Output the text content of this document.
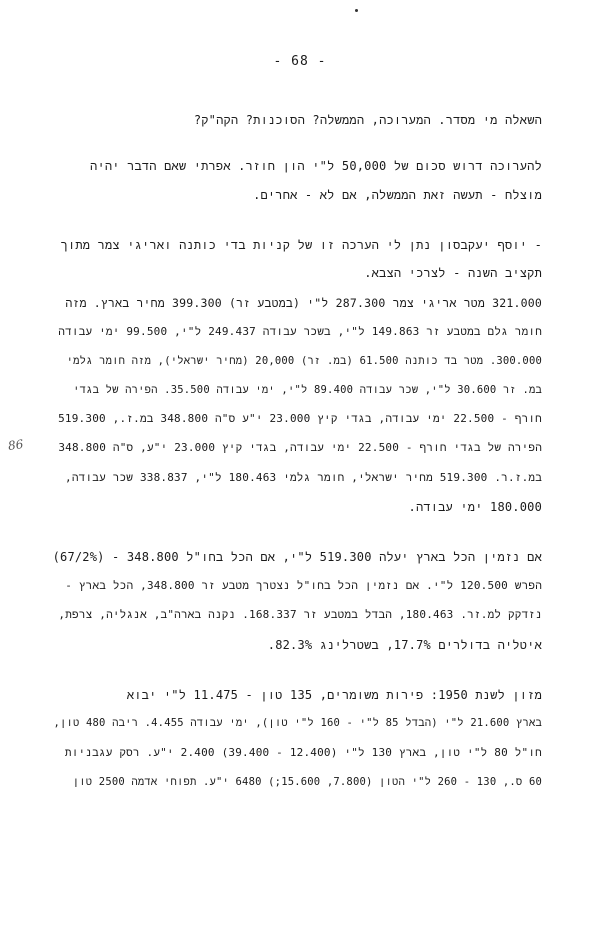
- 68 -
השאלה מי מסדר. המערוכה, הממשלה? הסוכנות? הקה"ק?
להערוכה דרוש סכום של 50,000 ל"י הון חוזר. אפרתי שאם הדבר יהיה
מוצלח - תעשה זאת הממשלה, אם לא - אחרים.
- יוסף יעקבסון נתן לי הערכה זו של קניות בדי כותנה ואריגי צמר מתוך
תקציב השנה - לצרכי הצבא.
321.000 מטר אריגי צמר 287.300 ל"י (במטבע זר) 399.300 מחיר בארץ. מזה
חומר גלם במטבע זר 149.863 ל"י, בשכר עבודה 249.437 ל"י, 99.500 ימי עבודה
300.000. מטר בד כותנה 61.500 (במ. זר) 20,000 (מחיר ישראלי), מזה חומר גלמי
במ. זר 30.600 ל"י, שכר עבודה 89.400 ל"י, ימי עבודה 35.500. הפירה של בגדי
חורף - 22.500 ימי עבודה, בגדי קיץ 23.000 י"ע ס"ה 348.800 במ.ז., 519.300
הפירה של בגדי חורף - 22.500 ימי עבודה, בגדי קיץ 23.000 י"ע, ס"ה 348.800
במ.ז.ר. 519.300 מחיר ישראלי, חומר גלמי 180.463 ל"י, 338.837 שכר עבודה,
180.000 ימי עבודה.
אם נזמין הכל בארץ יעלה 519.300 ל"י, אם הכל בחו"ל 348.800 - (67/2%)
הפרש 120.500 ל"י. אם נזמין הכל בחו"ל נצטרך מטבע זר 348.800, הכל בארץ -
נזדקק למ.זר. 180.463, הבדל במטבע זר 168.337. נקנה בארה"ב, אנגליה, צרפת,
איטליה בדולרים 17.7%, בשטרלינג 82.3%.
מזון לשנת 1950: פירות משומרים, 135 טון - 11.475 ל"י יבוא
בארץ 21.600 ל"י (הבדל 85 ל"י - 160 ל"י טון), ימי עבודה 4.455. ריבה 480 טון,
חו"ל 80 ל"י טון, בארץ 130 ל"י (12.400 - 39.400) 2.400 י"ע. רסק עגבניות
60 ס., 130 - 260 ל"י הטון (7.800, 15.600;) 6480 י"ע. תפוחי אדמה 2500 טון
86
